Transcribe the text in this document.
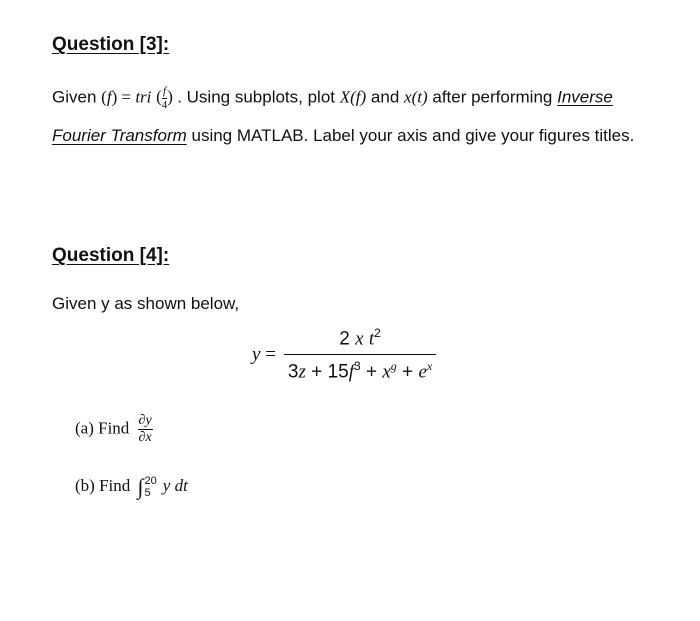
Question [3]:
Given (f) = tri ( $\frac{f}{4}$ ) . Using subplots, plot X(f) and x(t) after performing Inverse
Fourier Transform using MATLAB. Label your axis and give your figures titles.
Question [4]:
Given y as shown below,
$y = \frac{2 x t^2}{3z + 15f^3 + x^g + e^x}$
(a) Find $\frac{\partial y}{\partial x}$
(b) Find ∫ 20
5 y dt
